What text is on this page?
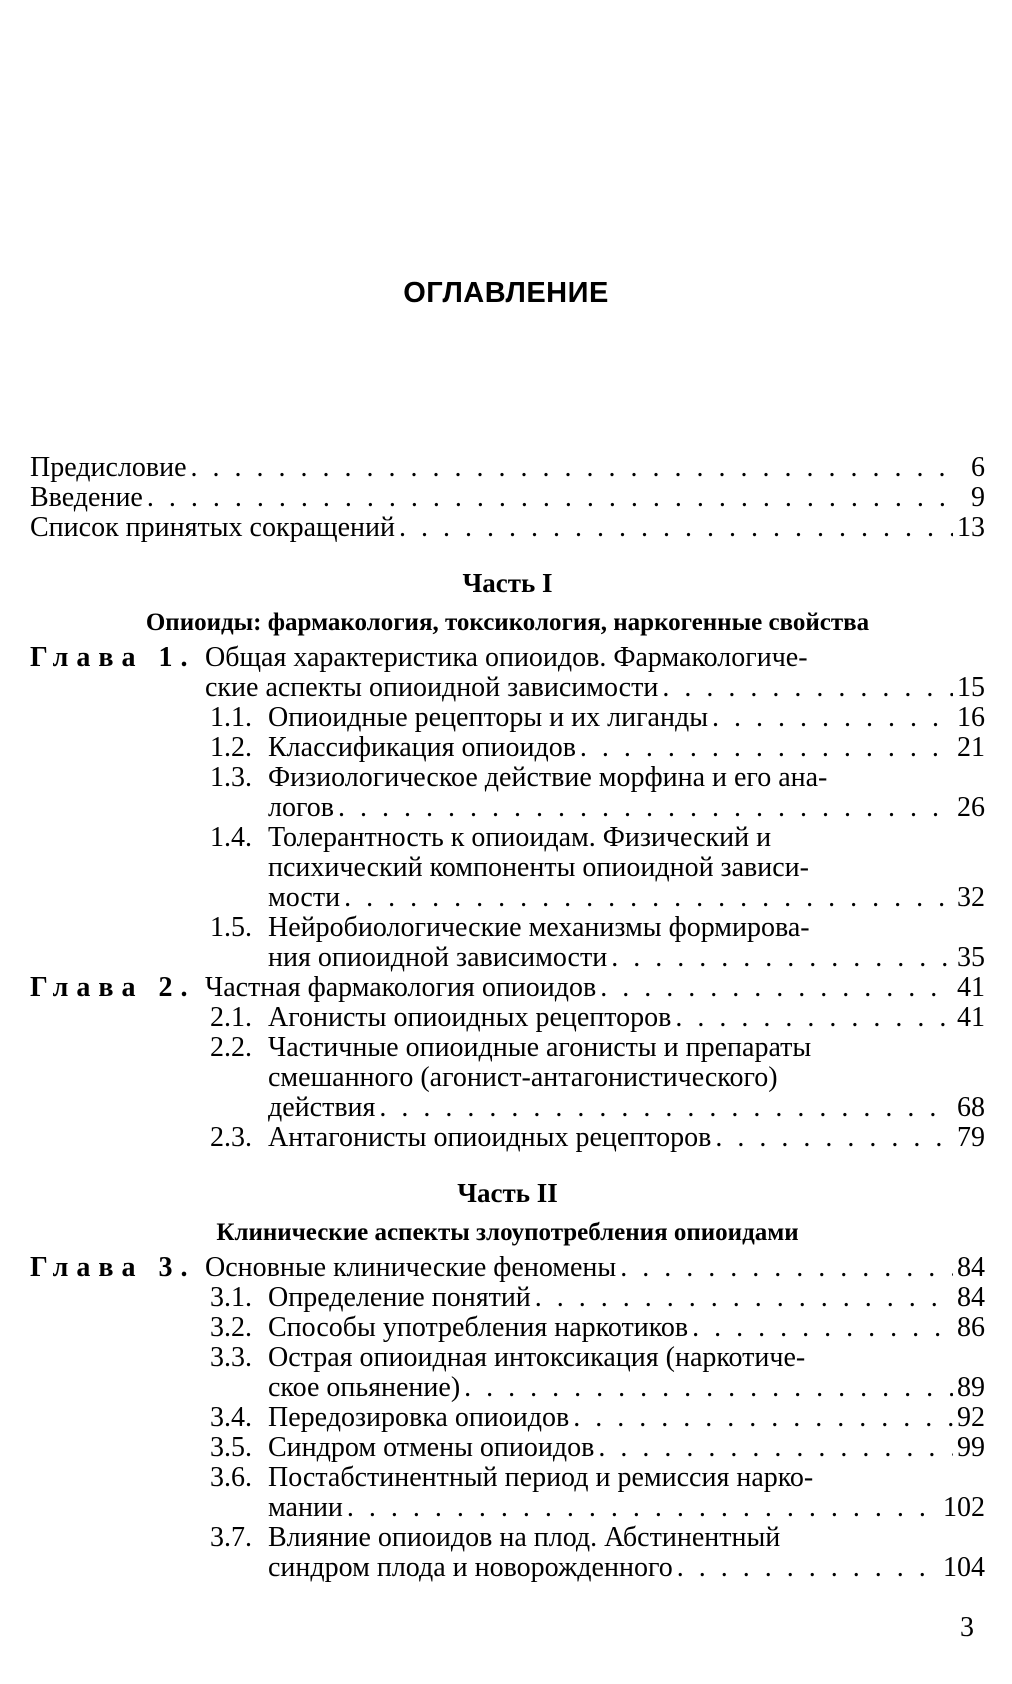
ОГЛАВЛЕНИЕ
Предисловие . . .	6
Введение . . .	9
Список принятых сокращений . . .	13
Часть I
Опиоиды: фармакология, токсикология, наркогенные свойства
Глава 1. Общая характеристика опиоидов. Фармакологиче-
ские аспекты опиоидной зависимости . . .	15
1.1. Опиоидные рецепторы и их лиганды . . .	16
1.2. Классификация опиоидов . . .	21
1.3. Физиологическое действие морфина и его ана-
логов . . .	26
1.4. Толерантность к опиоидам. Физический и
психический компоненты опиоидной зависи-
мости . . .	32
1.5. Нейробиологические механизмы формирова-
ния опиоидной зависимости . . .	35
Глава 2. Частная фармакология опиоидов . . .	41
2.1. Агонисты опиоидных рецепторов . . .	41
2.2. Частичные опиоидные агонисты и препараты
смешанного (агонист-антагонистического)
действия . . .	68
2.3. Антагонисты опиоидных рецепторов . . .	79
Часть II
Клинические аспекты злоупотребления опиоидами
Глава 3. Основные клинические феномены . . .	84
3.1. Определение понятий . . .	84
3.2. Способы употребления наркотиков . . .	86
3.3. Острая опиоидная интоксикация (наркотиче-
ское опьянение) . . .	89
3.4. Передозировка опиоидов . . .	92
3.5. Синдром отмены опиоидов . . .	99
3.6. Постабстинентный период и ремиссия нарко-
мании . . .	102
3.7. Влияние опиоидов на плод. Абстинентный
синдром плода и новорожденного . . .	104
3
